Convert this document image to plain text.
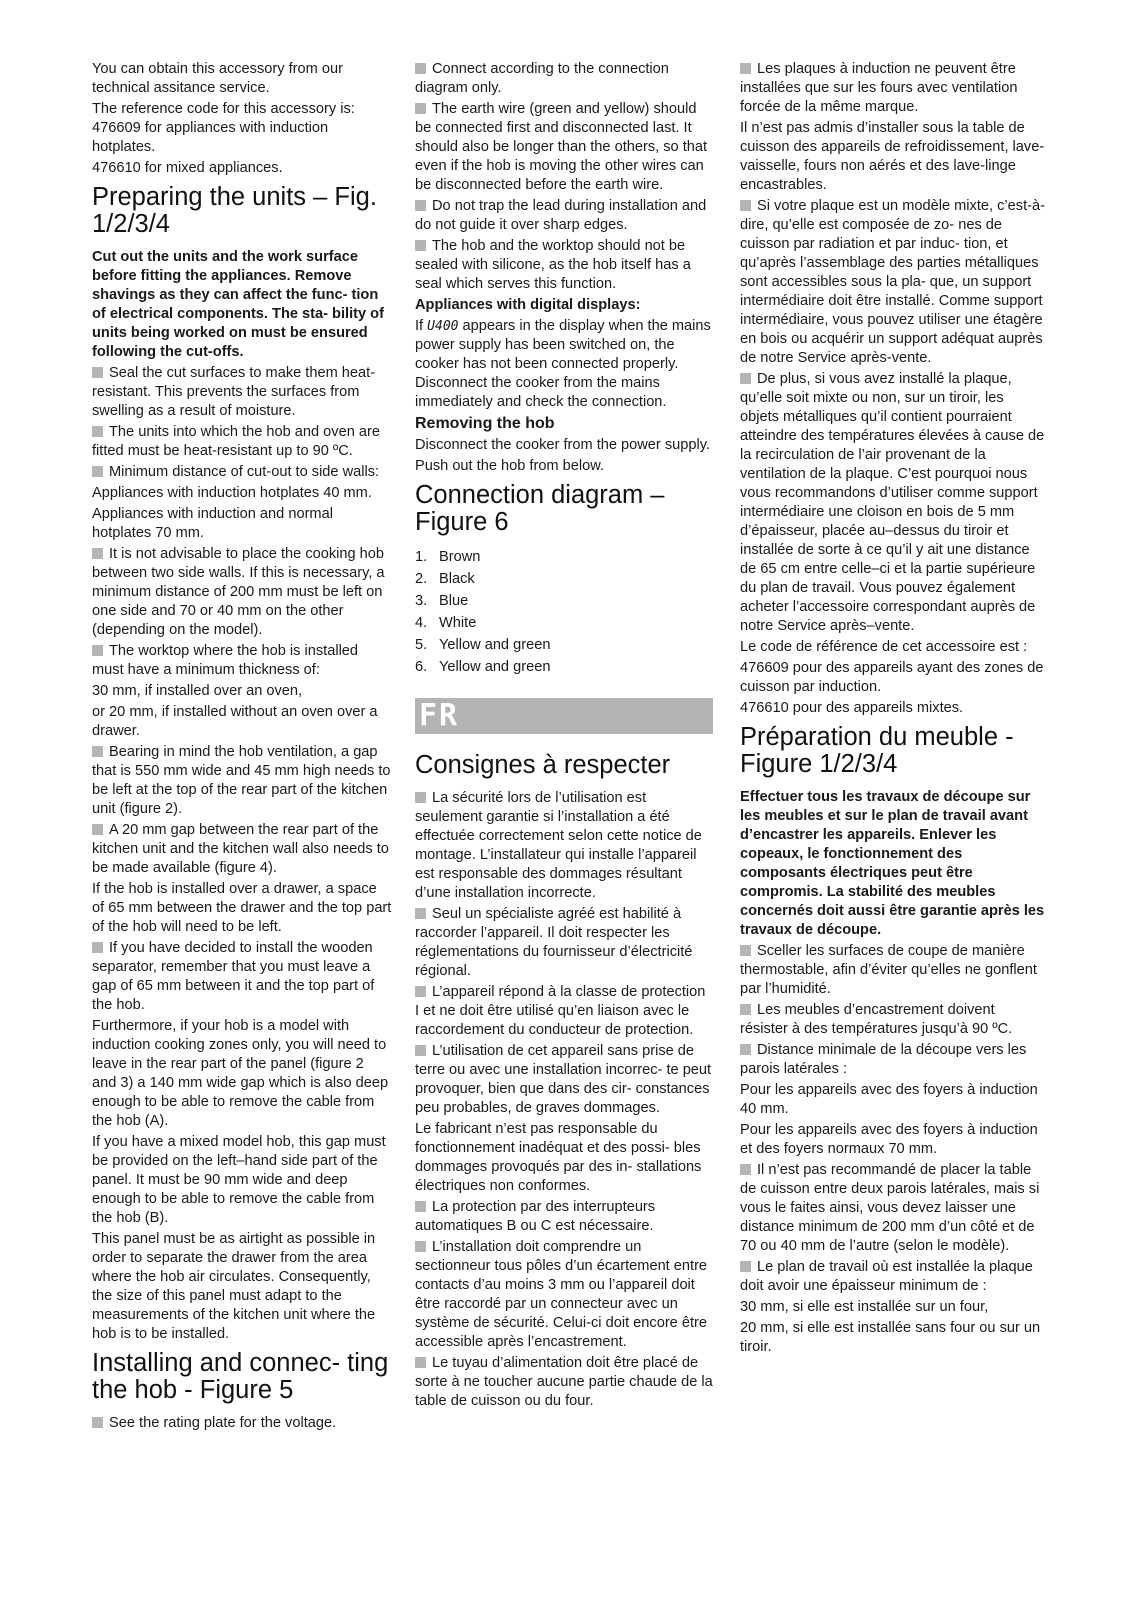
You can obtain this accessory from our technical assitance service.

The reference code for this accessory is: 476609 for appliances with induction hotplates.

476610 for mixed appliances.

Preparing the units – Fig. 1/2/3/4

Cut out the units and the work surface before fitting the appliances. Remove shavings as they can affect the func- tion of electrical components. The sta- bility of units being worked on must be ensured following the cut-offs.

Seal the cut surfaces to make them heat-resistant. This prevents the surfaces from swelling as a result of moisture.

The units into which the hob and oven are fitted must be heat-resistant up to 90 ºC.

Minimum distance of cut-out to side walls:

Appliances with induction hotplates 40 mm.

Appliances with induction and normal hotplates 70 mm.

It is not advisable to place the cooking hob between two side walls. If this is necessary, a minimum distance of 200 mm must be left on one side and 70 or 40 mm on the other (depending on the model).

The worktop where the hob is installed must have a minimum thickness of:

30 mm, if installed over an oven,

or 20 mm, if installed without an oven over a drawer.

Bearing in mind the hob ventilation, a gap that is 550 mm wide and 45 mm high needs to be left at the top of the rear part of the kitchen unit (figure 2).

A 20 mm gap between the rear part of the kitchen unit and the kitchen wall also needs to be made available (figure 4).

If the hob is installed over a drawer, a space of 65 mm between the drawer and the top part of the hob will need to be left.

If you have decided to install the wooden separator, remember that you must leave a gap of 65 mm between it and the top part of the hob.

Furthermore, if your hob is a model with induction cooking zones only, you will need to leave in the rear part of the panel (figure 2 and 3) a 140 mm wide gap which is also deep enough to be able to remove the cable from the hob (A).

If you have a mixed model hob, this gap must be provided on the left–hand side part of the panel. It must be 90 mm wide and deep enough to be able to remove the cable from the hob (B).

This panel must be as airtight as possible in order to separate the drawer from the area where the hob air circulates. Consequently, the size of this panel must adapt to the measurements of the kitchen unit where the hob is to be installed.

Installing and connec- ting the hob - Figure 5

See the rating plate for the voltage.

Connect according to the connection diagram only.

The earth wire (green and yellow) should be connected first and disconnected last. It should also be longer than the others, so that even if the hob is moving the other wires can be disconnected before the earth wire.

Do not trap the lead during installation and do not guide it over sharp edges.

The hob and the worktop should not be sealed with silicone, as the hob itself has a seal which serves this function.

Appliances with digital displays:

If U400 appears in the display when the mains power supply has been switched on, the cooker has not been connected properly. Disconnect the cooker from the mains immediately and check the connection.

Removing the hob

Disconnect the cooker from the power supply.

Push out the hob from below.

Connection diagram – Figure 6
1. Brown
2. Black
3. Blue
4. White
5. Yellow and green
6. Yellow and green
FR
Consignes à respecter

La sécurité lors de l’utilisation est seulement garantie si l’installation a été effectuée correctement selon cette notice de montage. L’installateur qui installe l’appareil est responsable des dommages résultant d’une installation incorrecte.

Seul un spécialiste agréé est habilité à raccorder l’appareil. Il doit respecter les réglementations du fournisseur d’électricité régional.

L’appareil répond à la classe de protection I et ne doit être utilisé qu’en liaison avec le raccordement du conducteur de protection.

L’utilisation de cet appareil sans prise de terre ou avec une installation incorrec- te peut provoquer, bien que dans des cir- constances peu probables, de graves dommages.

Le fabricant n’est pas responsable du fonctionnement inadéquat et des possi- bles dommages provoqués par des in- stallations électriques non conformes.

La protection par des interrupteurs automatiques B ou C est nécessaire.

L’installation doit comprendre un sectionneur tous pôles d’un écartement entre contacts d’au moins 3 mm ou l’appareil doit être raccordé par un connecteur avec un système de sécurité. Celui-ci doit encore être accessible après l’encastrement.

Le tuyau d’alimentation doit être placé de sorte à ne toucher aucune partie chaude de la table de cuisson ou du four.

Les plaques à induction ne peuvent être installées que sur les fours avec ventilation forcée de la même marque.

Il n’est pas admis d’installer sous la table de cuisson des appareils de refroidissement, lave-vaisselle, fours non aérés et des lave-linge encastrables.

Si votre plaque est un modèle mixte, c’est-à-dire, qu’elle est composée de zo- nes de cuisson par radiation et par induc- tion, et qu’après l’assemblage des parties métalliques sont accessibles sous la pla- que, un support intermédiaire doit être installé. Comme support intermédiaire, vous pouvez utiliser une étagère en bois ou acquérir un support adéquat auprès de notre Service après-vente.

De plus, si vous avez installé la plaque, qu’elle soit mixte ou non, sur un tiroir, les objets métalliques qu’il contient pourraient atteindre des températures élevées à cause de la recirculation de l’air provenant de la ventilation de la plaque. C’est pourquoi nous vous recommandons d’utiliser comme support intermédiaire une cloison en bois de 5 mm d’épaisseur, placée au–dessus du tiroir et installée de sorte à ce qu’il y ait une distance de 65 cm entre celle–ci et la partie supérieure du plan de travail. Vous pouvez également acheter l’accessoire correspondant auprès de notre Service après–vente.

Le code de référence de cet accessoire est :

476609 pour des appareils ayant des zones de cuisson par induction.

476610 pour des appareils mixtes.

Préparation du meuble - Figure 1/2/3/4

Effectuer tous les travaux de découpe sur les meubles et sur le plan de travail avant d’encastrer les appareils. Enlever les copeaux, le fonctionnement des composants électriques peut être compromis. La stabilité des meubles concernés doit aussi être garantie après les travaux de découpe.

Sceller les surfaces de coupe de manière thermostable, afin d’éviter qu’elles ne gonflent par l’humidité.

Les meubles d’encastrement doivent résister à des températures jusqu’à 90 ºC.

Distance minimale de la découpe vers les parois latérales :

Pour les appareils avec des foyers à induction 40 mm.

Pour les appareils avec des foyers à induction et des foyers normaux 70 mm.

Il n’est pas recommandé de placer la table de cuisson entre deux parois latérales, mais si vous le faites ainsi, vous devez laisser une distance minimum de 200 mm d’un côté et de 70 ou 40 mm de l’autre (selon le modèle).

Le plan de travail où est installée la plaque doit avoir une épaisseur minimum de :

30 mm, si elle est installée sur un four,

20 mm, si elle est installée sans four ou sur un tiroir.
